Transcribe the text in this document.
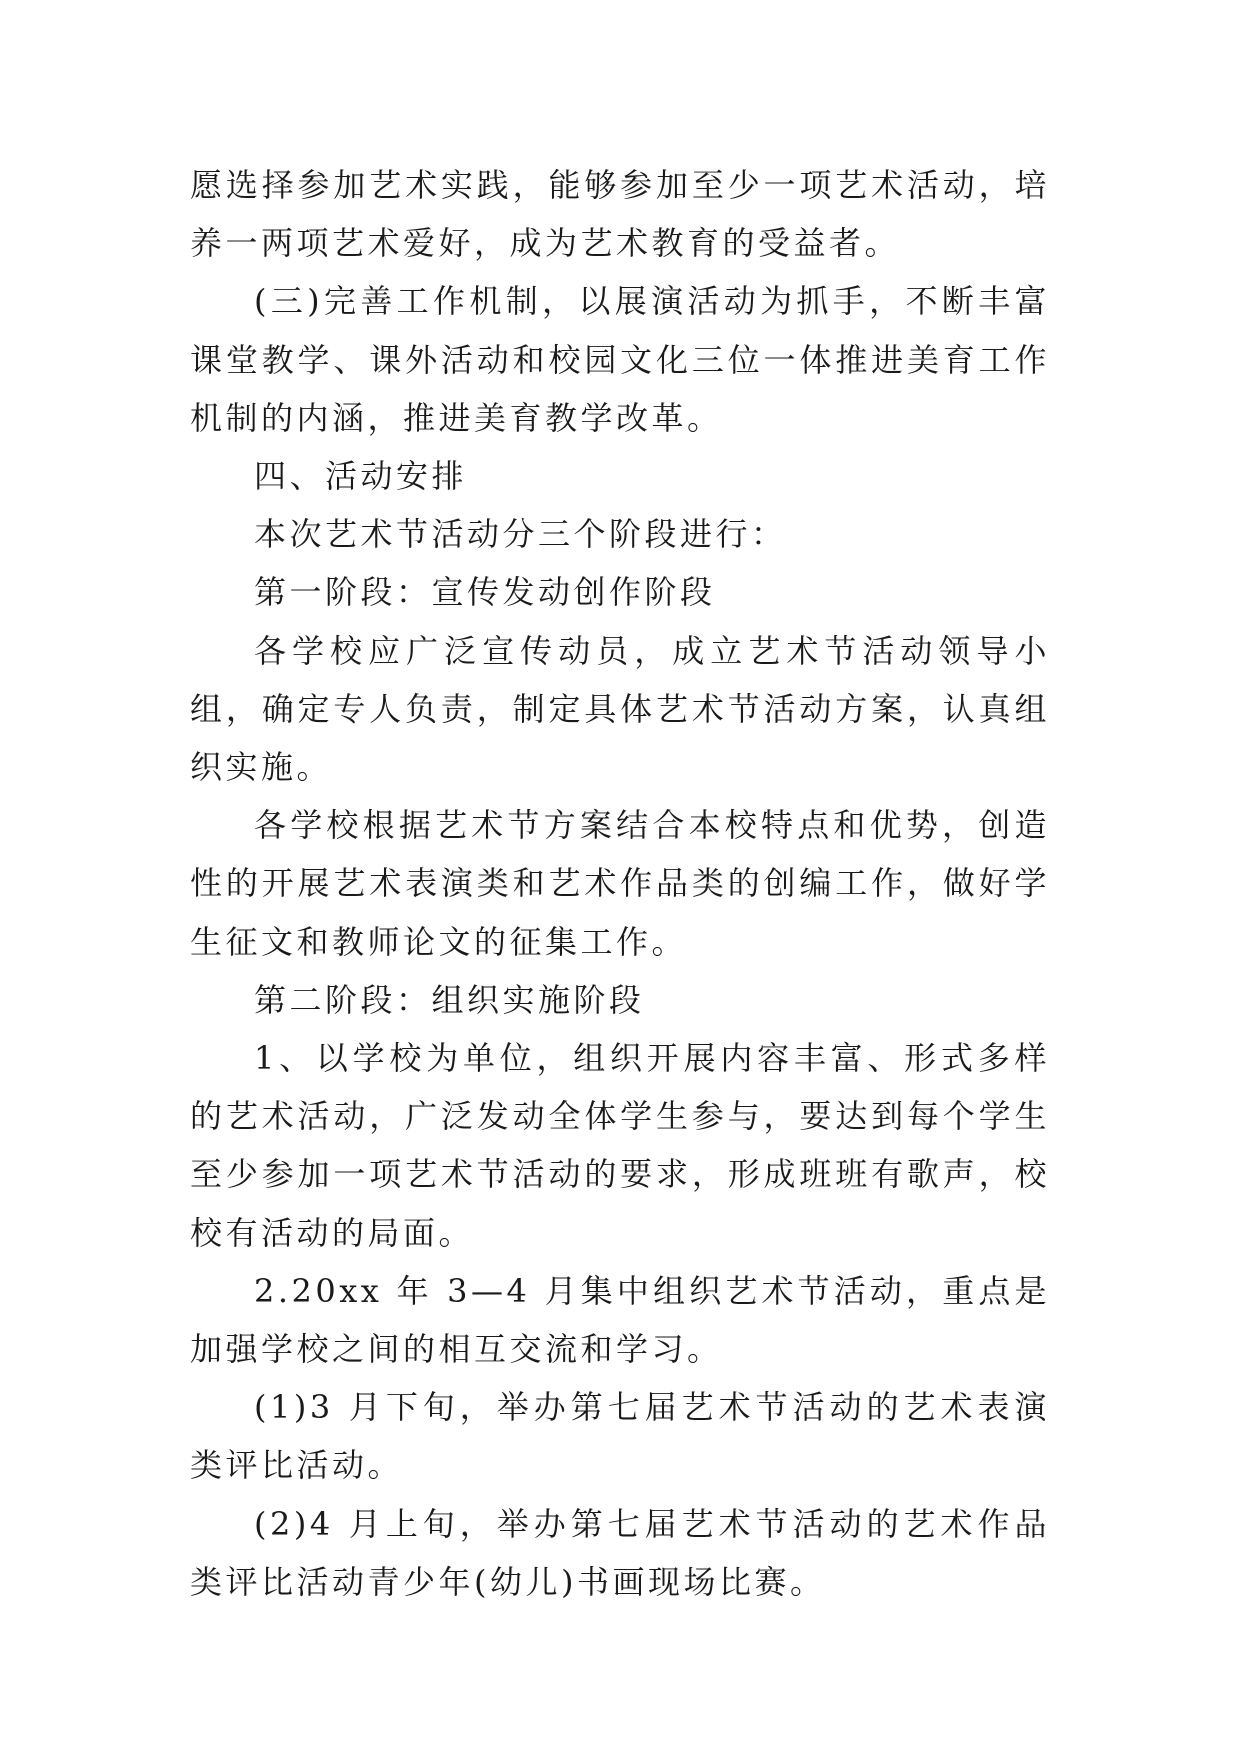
愿选择参加艺术实践，能够参加至少一项艺术活动，培养一两项艺术爱好，成为艺术教育的受益者。

(三)完善工作机制，以展演活动为抓手，不断丰富课堂教学、课外活动和校园文化三位一体推进美育工作机制的内涵，推进美育教学改革。

四、活动安排

本次艺术节活动分三个阶段进行：

第一阶段：宣传发动创作阶段

各学校应广泛宣传动员，成立艺术节活动领导小组，确定专人负责，制定具体艺术节活动方案，认真组织实施。

各学校根据艺术节方案结合本校特点和优势，创造性的开展艺术表演类和艺术作品类的创编工作，做好学生征文和教师论文的征集工作。

第二阶段：组织实施阶段

1、以学校为单位，组织开展内容丰富、形式多样的艺术活动，广泛发动全体学生参与，要达到每个学生至少参加一项艺术节活动的要求，形成班班有歌声，校校有活动的局面。

2.20xx 年 3—4 月集中组织艺术节活动，重点是加强学校之间的相互交流和学习。

(1)3 月下旬，举办第七届艺术节活动的艺术表演类评比活动。

(2)4 月上旬，举办第七届艺术节活动的艺术作品类评比活动青少年(幼儿)书画现场比赛。
